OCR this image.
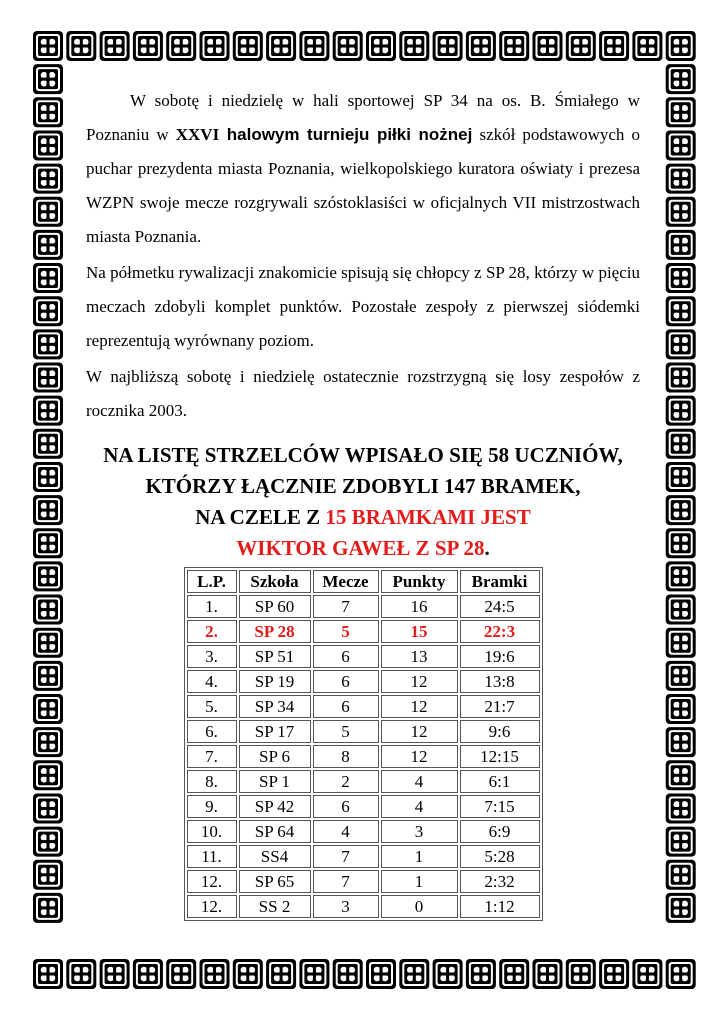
W sobotę i niedzielę w hali sportowej SP 34 na os. B. Śmiałego w Poznaniu w XXVI halowym turnieju piłki nożnej szkół podstawowych o puchar prezydenta miasta Poznania, wielkopolskiego kuratora oświaty i prezesa WZPN swoje mecze rozgrywali szóstoklasiści w oficjalnych VII mistrzostwach miasta Poznania.

Na półmetku rywalizacji znakomicie spisują się chłopcy z SP 28, którzy w pięciu meczach zdobyli komplet punktów. Pozostałe zespoły z pierwszej siódemki reprezentują wyrównany poziom.

W najbliższą sobotę i niedzielę ostatecznie rozstrzygną się losy zespołów z rocznika 2003.

NA LISTĘ STRZELCÓW WPISAŁO SIĘ 58 UCZNIÓW,
KTÓRZY ŁĄCZNIE ZDOBYLI 147 BRAMEK,
NA CZELE Z 15 BRAMKAMI JEST
WIKTOR GAWEŁ Z SP 28.
L.P.	Szkoła	Mecze	Punkty	Bramki
1.	SP 60	7	16	24:5
2.	SP 28	5	15	22:3
3.	SP 51	6	13	19:6
4.	SP 19	6	12	13:8
5.	SP 34	6	12	21:7
6.	SP 17	5	12	9:6
7.	SP 6	8	12	12:15
8.	SP 1	2	4	6:1
9.	SP 42	6	4	7:15
10.	SP 64	4	3	6:9
11.	SS4	7	1	5:28
12.	SP 65	7	1	2:32
12.	SS 2	3	0	1:12
